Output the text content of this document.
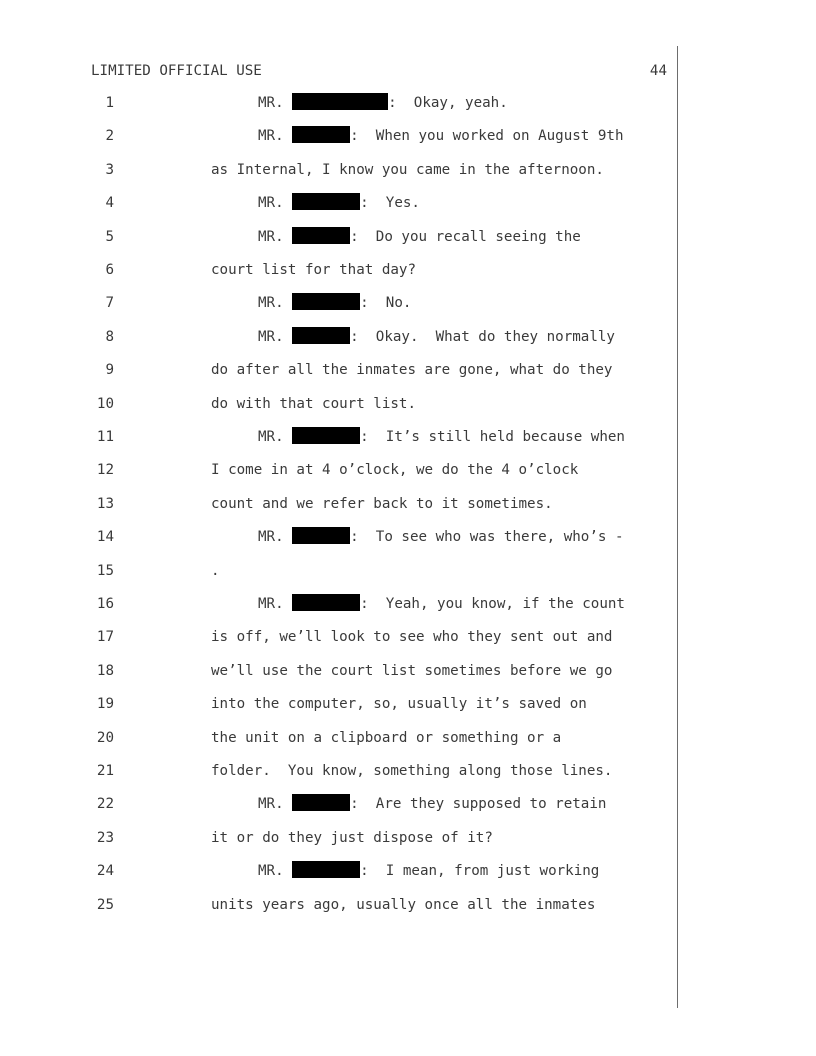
LIMITED OFFICIAL USE	44
1	MR.	:  Okay, yeah.
2	MR.	:  When you worked on August 9th
3	as Internal, I know you came in the afternoon.
4	MR.	:  Yes.
5	MR.	:  Do you recall seeing the
6	court list for that day?
7	MR.	:  No.
8	MR.	:  Okay.  What do they normally
9	do after all the inmates are gone, what do they
10	do with that court list.
11	MR.	:  It’s still held because when
12	I come in at 4 o’clock, we do the 4 o’clock
13	count and we refer back to it sometimes.
14	MR.	:  To see who was there, who’s -
15	.
16	MR.	:  Yeah, you know, if the count
17	is off, we’ll look to see who they sent out and
18	we’ll use the court list sometimes before we go
19	into the computer, so, usually it’s saved on
20	the unit on a clipboard or something or a
21	folder.  You know, something along those lines.
22	MR.	:  Are they supposed to retain
23	it or do they just dispose of it?
24	MR.	:  I mean, from just working
25	units years ago, usually once all the inmates
